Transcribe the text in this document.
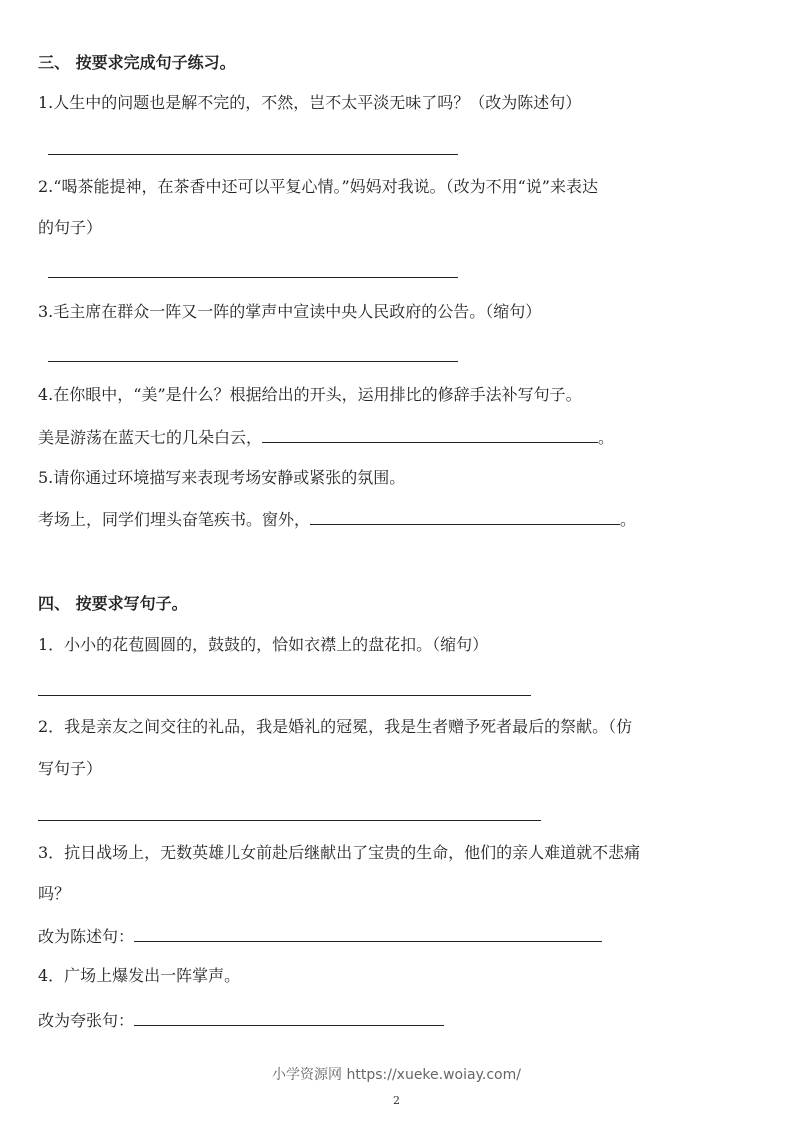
三、 按要求完成句子练习。
1.人生中的问题也是解不完的，不然，岂不太平淡无味了吗？（改为陈述句）
2.“喝茶能提神，在茶香中还可以平复心情。”妈妈对我说。（改为不用“说”来表达
的句子）
3.毛主席在群众一阵又一阵的掌声中宣读中央人民政府的公告。（缩句）
4.在你眼中，“美”是什么？根据给出的开头，运用排比的修辞手法补写句子。
美是游荡在蓝天七的几朵白云，	。
5.请你通过环境描写来表现考场安静或紧张的氛围。
考场上，同学们埋头奋笔疾书。窗外，	。
四、 按要求写句子。
1．小小的花苞圆圆的，鼓鼓的，恰如衣襟上的盘花扣。（缩句）
2．我是亲友之间交往的礼品，我是婚礼的冠冕，我是生者赠予死者最后的祭献。（仿
写句子）
3．抗日战场上，无数英雄儿女前赴后继献出了宝贵的生命，他们的亲人难道就不悲痛
吗？
改为陈述句：
4．广场上爆发出一阵掌声。
改为夸张句：
小学资源网 https://xueke.woiay.com/
2
